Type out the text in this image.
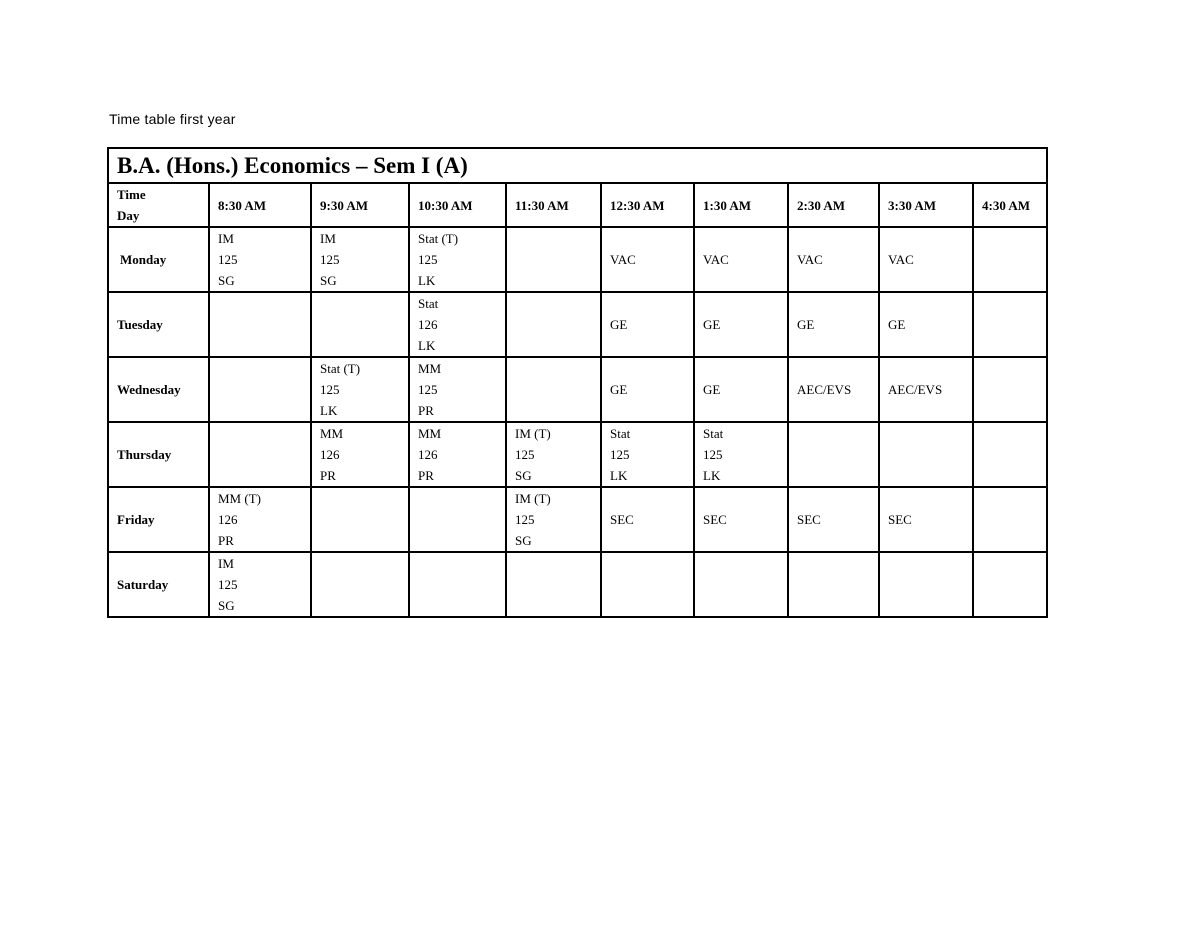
Time table first year
B.A. (Hons.) Economics – Sem I (A)									

Time
Day	8:30 AM	9:30 AM	10:30 AM	11:30 AM	12:30 AM	1:30 AM	2:30 AM	3:30 AM	4:30 AM
Monday	IM
125
SG	IM
125
SG	Stat (T)
125
LK		VAC	VAC	VAC	VAC	

Tuesday			Stat
126
LK		GE	GE	GE	GE	

Wednesday		Stat (T)
125
LK	MM
125
PR		GE	GE	AEC/EVS	AEC/EVS	

Thursday		MM
126
PR	MM
126
PR	IM (T)
125
SG	Stat
125
LK	Stat
125
LK			

Friday	MM (T)
126
PR			IM (T)
125
SG	SEC	SEC	SEC	SEC	

Saturday	IM
125
SG								
